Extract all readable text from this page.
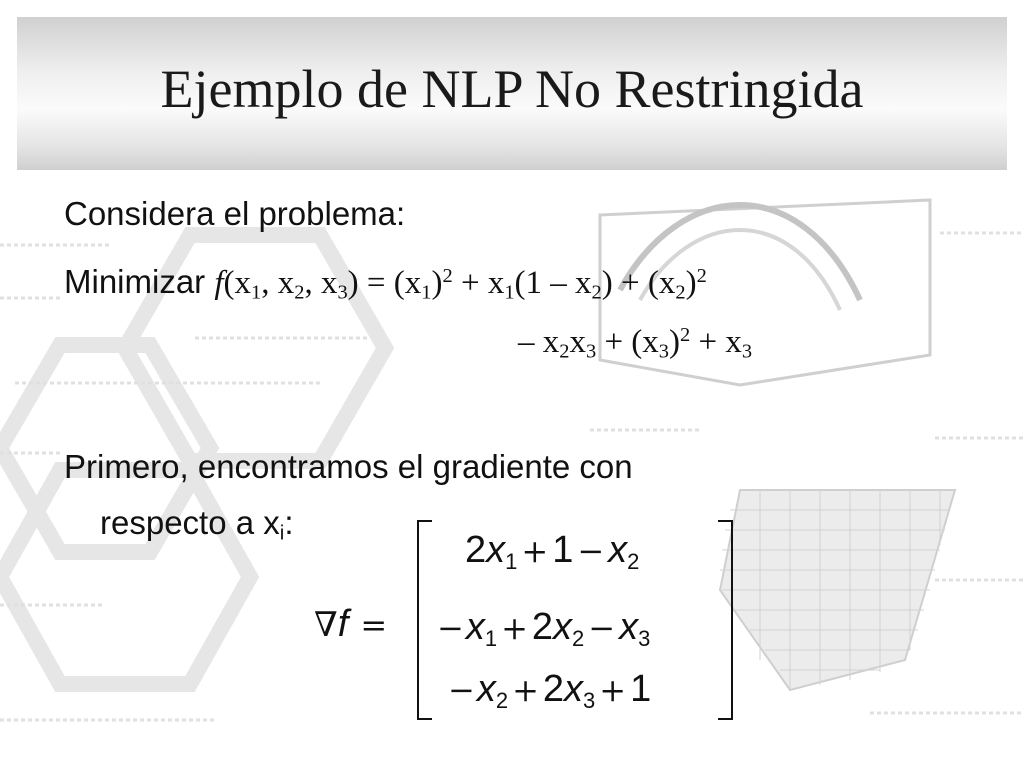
Ejemplo de NLP No Restringida
Considera el problema:
Minimizar $f(x_1$, $x_2$, $x_3) = (x_1)^2 + x_1(1 - x_2) + (x_2)^2$
– $x_2x_3 + (x_3)^2 + x_3$
Primero, encontramos el gradiente con
respecto a $x_i$:
∇f =
2x1 + 1 − x2
−x1 + 2x2 − x3
−x2 + 2x3 + 1
